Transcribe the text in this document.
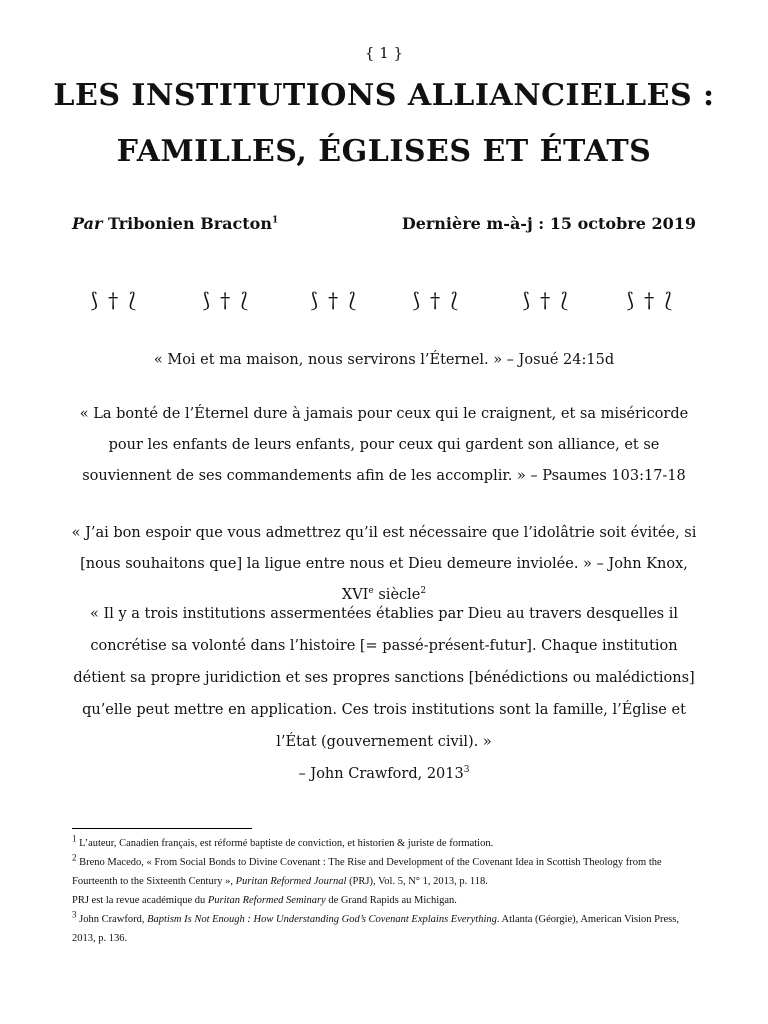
{ 1 }
LES INSTITUTIONS ALLIANCIELLES :
FAMILLES, ÉGLISES ET ÉTATS
Par Tribonien Bracton$^1$	Dernière m-à-j : 15 octobre 2019
⟆ † ⟅	⟆ † ⟅	⟆ † ⟅	⟆ † ⟅	⟆ † ⟅	⟆ † ⟅
« Moi et ma maison, nous servirons l’Éternel. » – Josué 24:15d
« La bonté de l’Éternel dure à jamais pour ceux qui le craignent, et sa miséricorde pour les enfants de leurs enfants, pour ceux qui gardent son alliance, et se souviennent de ses commandements afin de les accomplir. » – Psaumes 103:17-18
« J’ai bon espoir que vous admettrez qu’il est nécessaire que l’idolâtrie soit évitée, si [nous souhaitons que] la ligue entre nous et Dieu demeure inviolée. » – John Knox, XVIe siècle$^2$
« Il y a trois institutions assermentées établies par Dieu au travers desquelles il concrétise sa volonté dans l’histoire [= passé-présent-futur]. Chaque institution détient sa propre juridiction et ses propres sanctions [bénédictions ou malédictions] qu’elle peut mettre en application. Ces trois institutions sont la famille, l’Église et l’État (gouvernement civil). »
– John Crawford, 2013$^3$

$^1$ L’auteur, Canadien français, est réformé baptiste de conviction, et historien & juriste de formation.

$^2$ Breno Macedo, « From Social Bonds to Divine Covenant : The Rise and Development of the Covenant Idea in Scottish Theology from the Fourteenth to the Sixteenth Century », Puritan Reformed Journal (PRJ), Vol. 5, N° 1, 2013, p. 118.
PRJ est la revue académique du Puritan Reformed Seminary de Grand Rapids au Michigan.

$^3$ John Crawford, Baptism Is Not Enough : How Understanding God’s Covenant Explains Everything. Atlanta (Géorgie), American Vision Press, 2013, p. 136.
